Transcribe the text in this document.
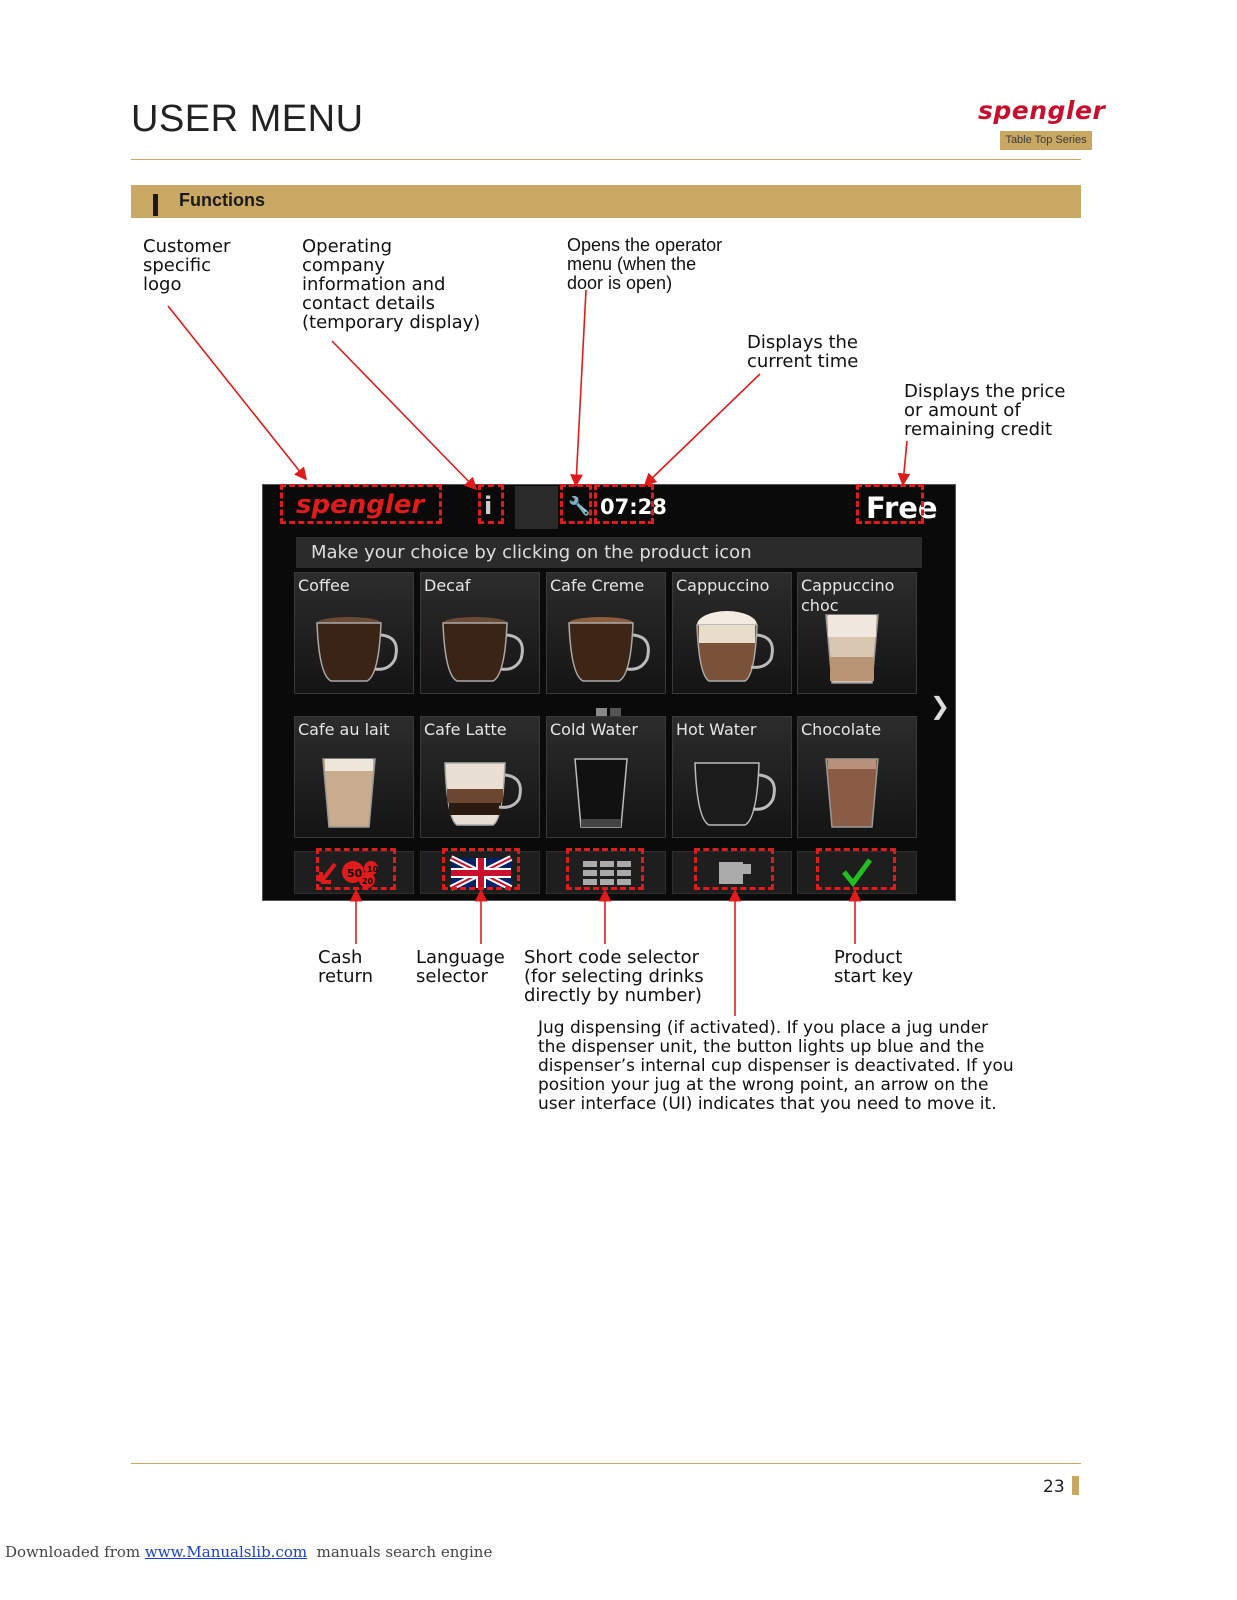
USER MENU	spengler
Table Top Series
Functions
Customer
specific
logo
Operating
company
information and
contact details
(temporary display)
Opens the operator
menu (when the
door is open)
Displays the
current time
Displays the price
or amount of
remaining credit
spengler i	🔧 07:28	Free
Make your choice by clicking on the product icon
Coffee	Decaf	Cafe Creme	Cappuccino	Cappuccino choc
❯
Cafe au lait	Cafe Latte	Cold Water	Hot Water	Chocolate
50 10
20
Cash
return
Language
selector
Short code selector
(for selecting drinks
directly by number)
Product
start key
Jug dispensing (if activated). If you place a jug under
the dispenser unit, the button lights up blue and the
dispenser’s internal cup dispenser is deactivated. If you
position your jug at the wrong point, an arrow on the
user interface (UI) indicates that you need to move it.
23
Downloaded from www.Manualslib.com  manuals search engine
